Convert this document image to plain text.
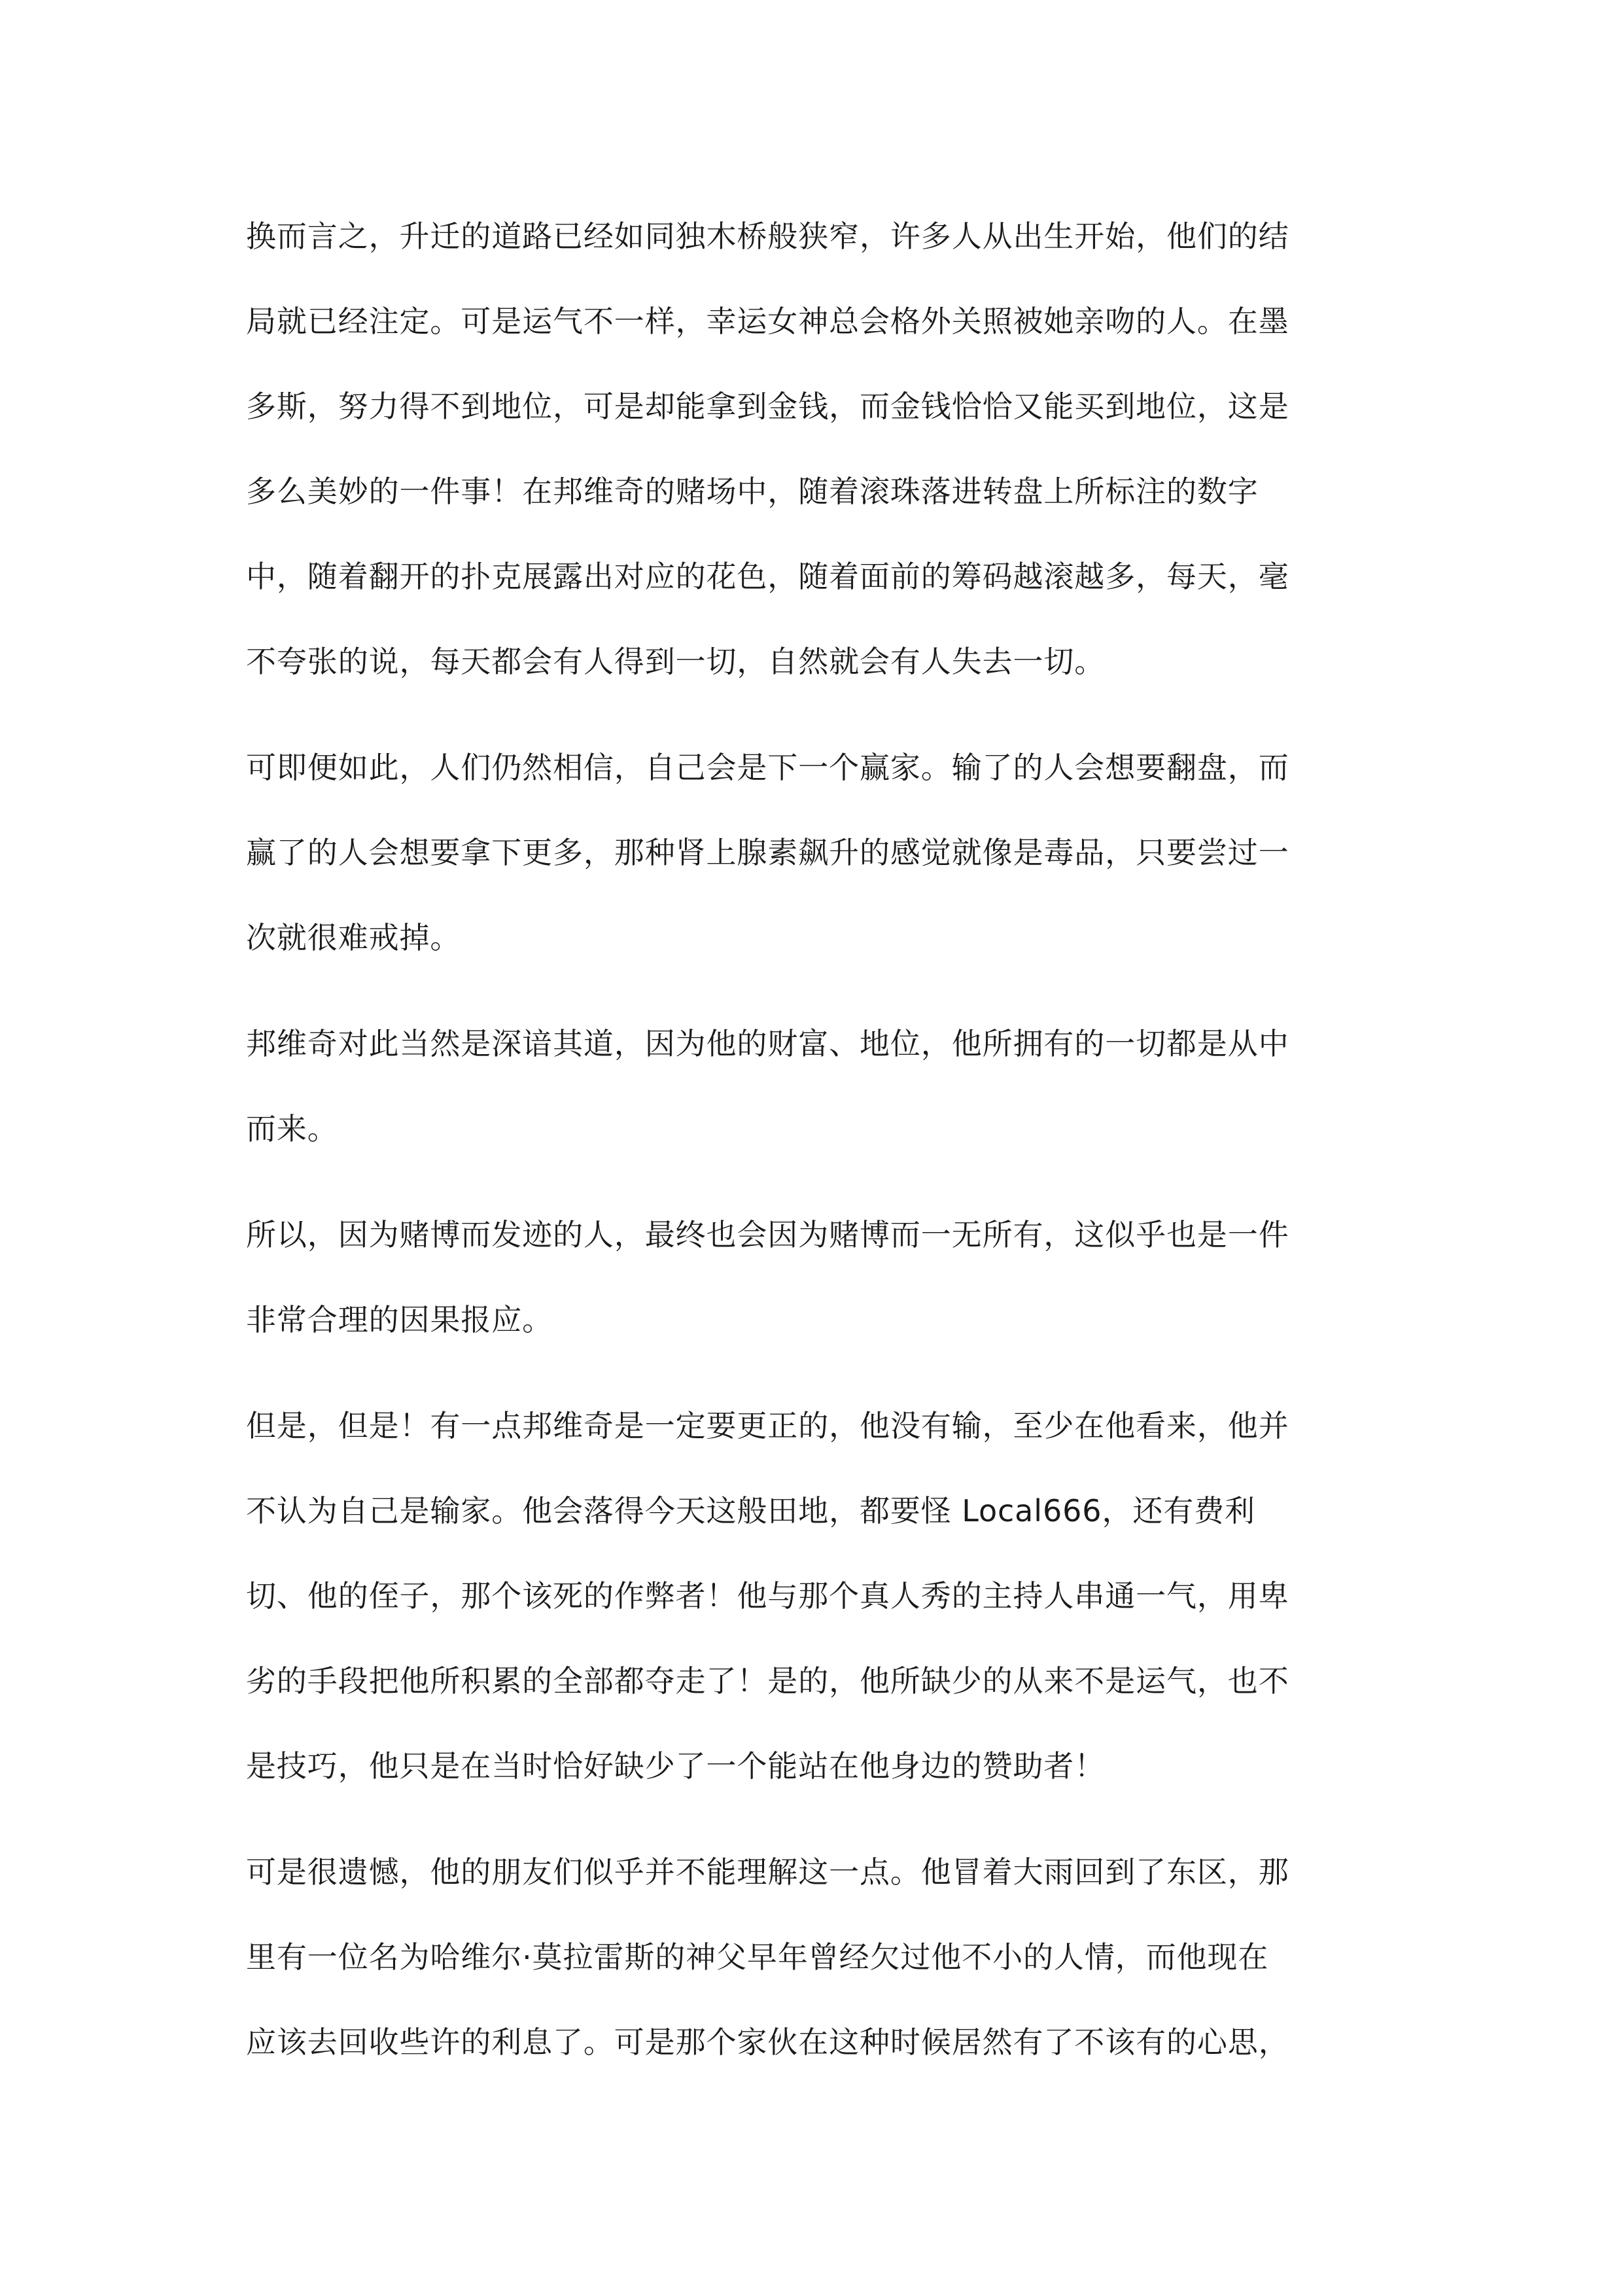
换而言之，升迁的道路已经如同独木桥般狭窄，许多人从出生开始，他们的结
局就已经注定。可是运气不一样，幸运女神总会格外关照被她亲吻的人。在墨
多斯，努力得不到地位，可是却能拿到金钱，而金钱恰恰又能买到地位，这是
多么美妙的一件事！在邦维奇的赌场中，随着滚珠落进转盘上所标注的数字
中，随着翻开的扑克展露出对应的花色，随着面前的筹码越滚越多，每天，毫
不夸张的说，每天都会有人得到一切，自然就会有人失去一切。
可即便如此，人们仍然相信，自己会是下一个赢家。输了的人会想要翻盘，而
赢了的人会想要拿下更多，那种肾上腺素飙升的感觉就像是毒品，只要尝过一
次就很难戒掉。
邦维奇对此当然是深谙其道，因为他的财富、地位，他所拥有的一切都是从中
而来。
所以，因为赌博而发迹的人，最终也会因为赌博而一无所有，这似乎也是一件
非常合理的因果报应。
但是，但是！有一点邦维奇是一定要更正的，他没有输，至少在他看来，他并
不认为自己是输家。他会落得今天这般田地，都要怪 Local666，还有费利
切、他的侄子，那个该死的作弊者！他与那个真人秀的主持人串通一气，用卑
劣的手段把他所积累的全部都夺走了！是的，他所缺少的从来不是运气，也不
是技巧，他只是在当时恰好缺少了一个能站在他身边的赞助者！
可是很遗憾，他的朋友们似乎并不能理解这一点。他冒着大雨回到了东区，那
里有一位名为哈维尔·莫拉雷斯的神父早年曾经欠过他不小的人情，而他现在
应该去回收些许的利息了。可是那个家伙在这种时候居然有了不该有的心思，
